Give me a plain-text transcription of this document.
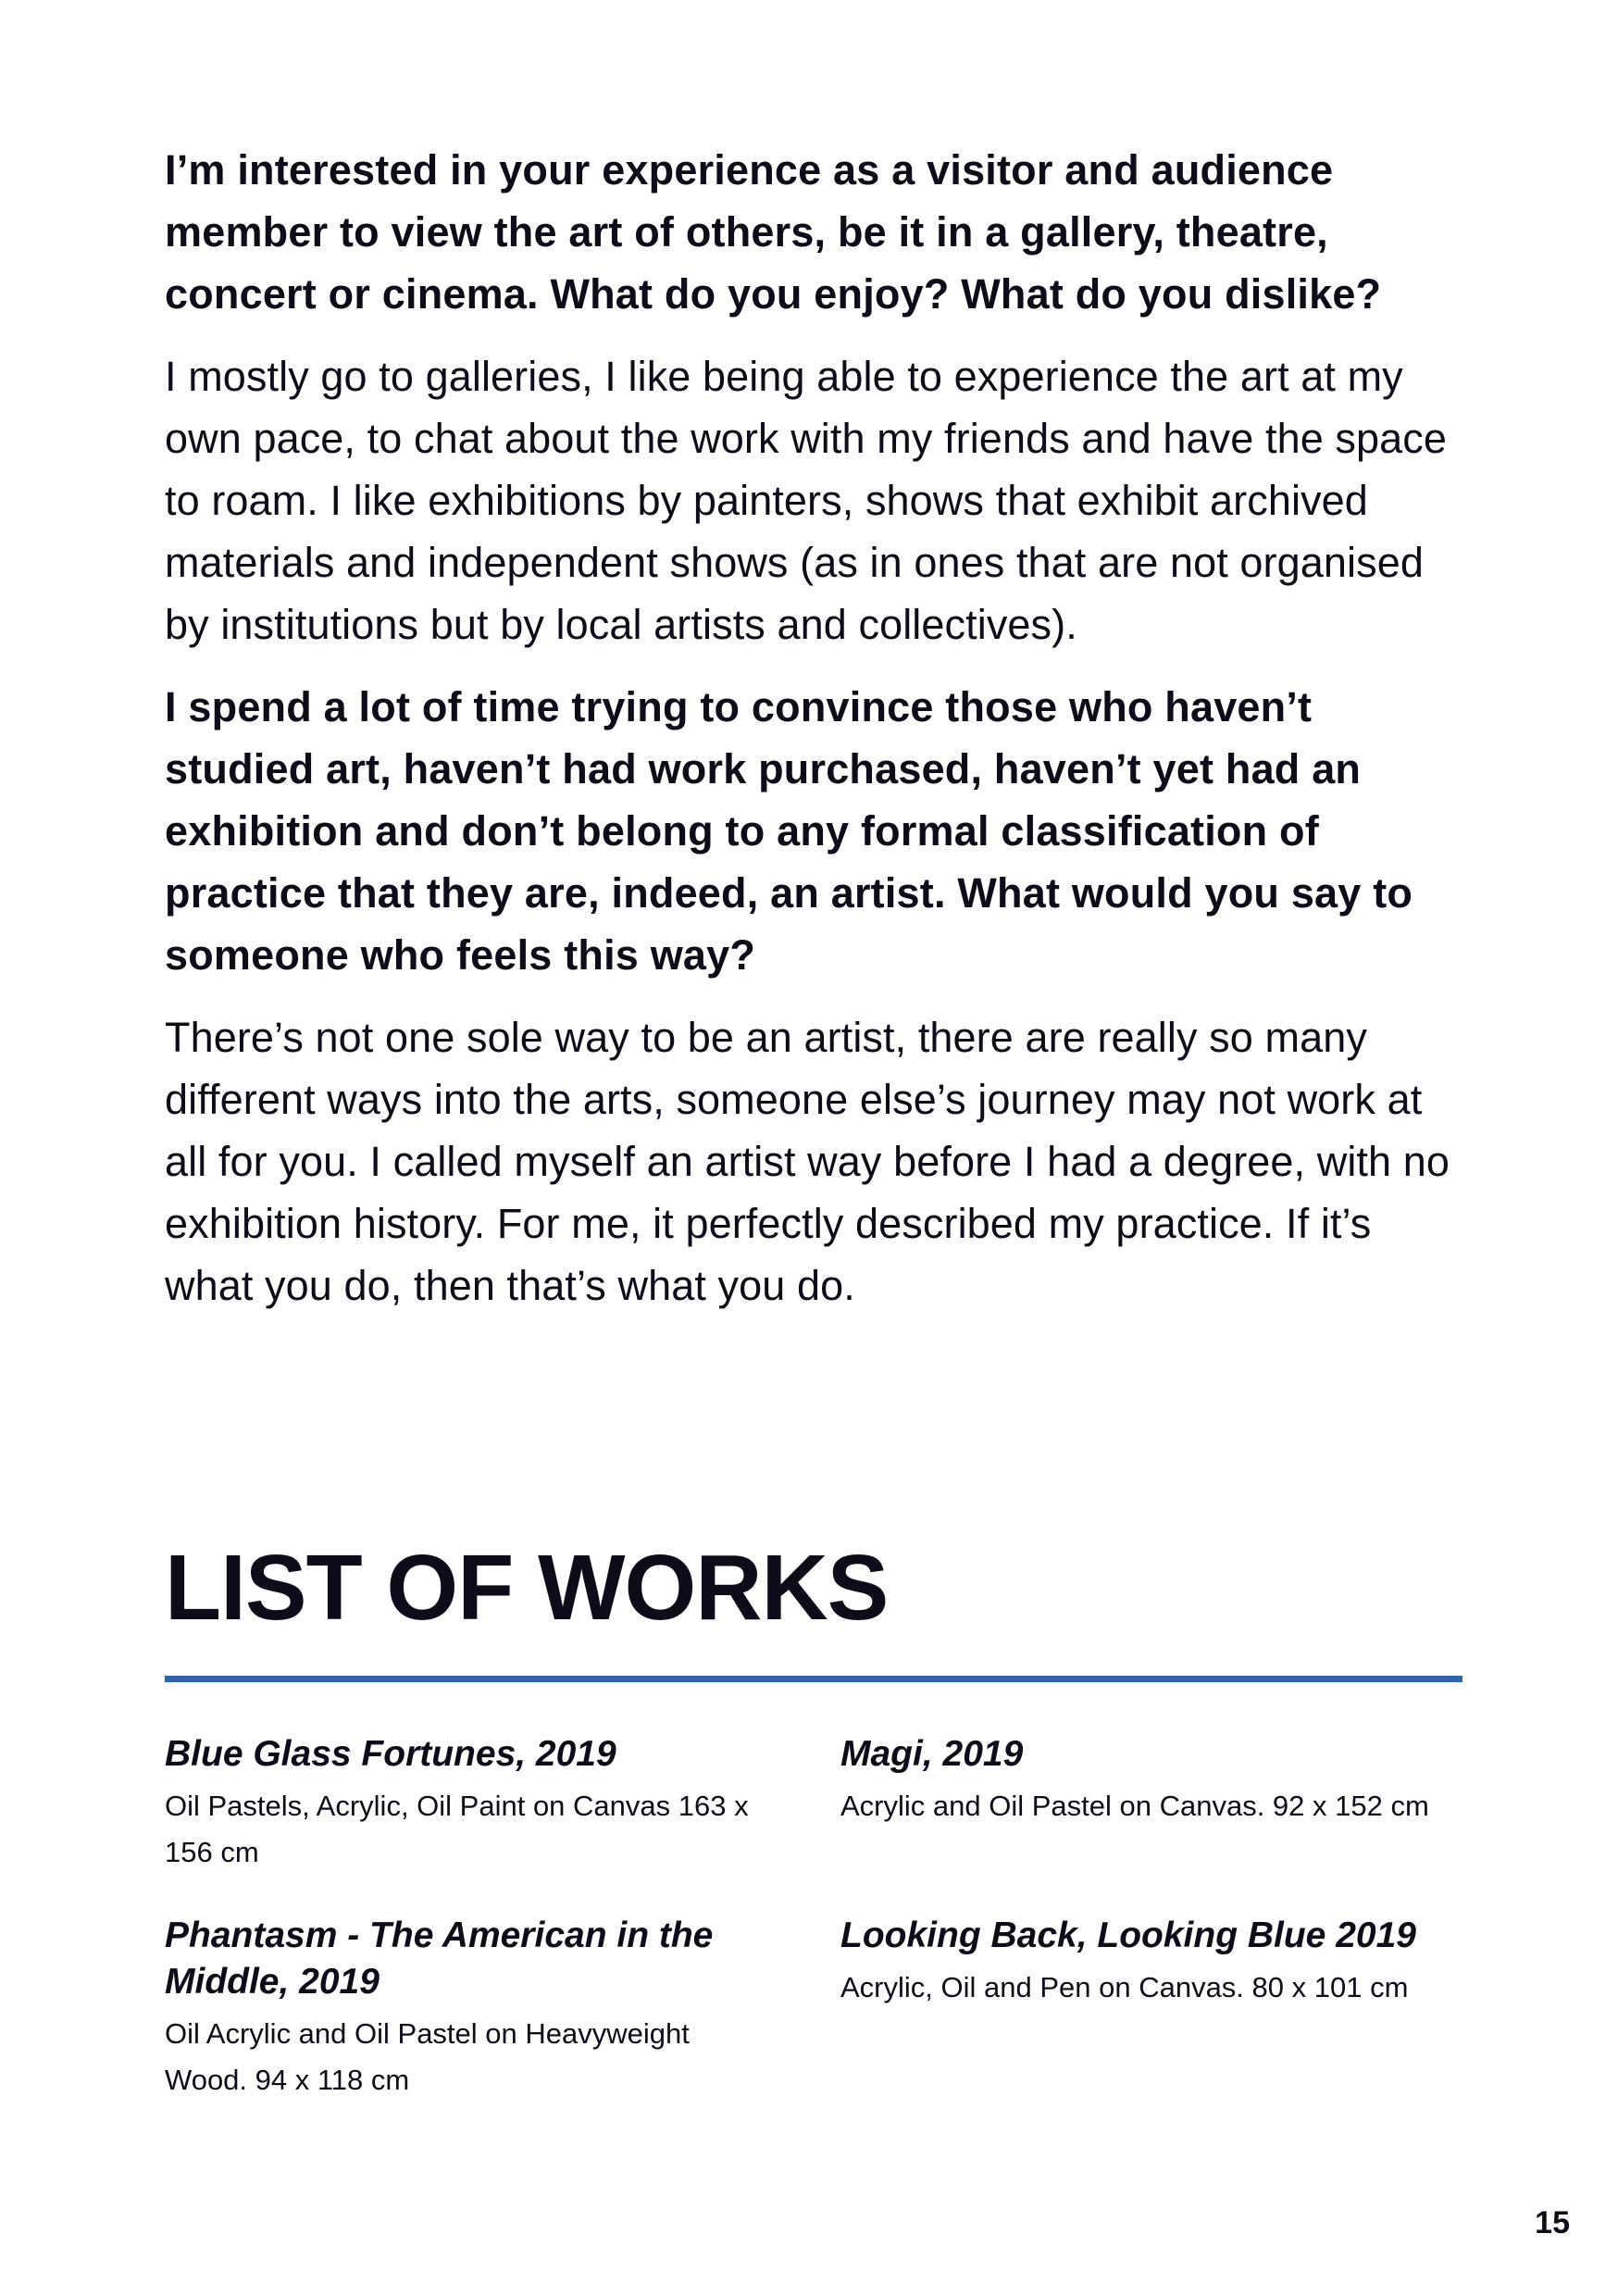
I’m interested in your experience as a visitor and audience member to view the art of others, be it in a gallery, theatre, concert or cinema. What do you enjoy? What do you dislike?

I mostly go to galleries, I like being able to experience the art at my own pace, to chat about the work with my friends and have the space to roam. I like exhibitions by painters, shows that exhibit archived materials and independent shows (as in ones that are not organised by institutions but by local artists and collectives).

I spend a lot of time trying to convince those who haven’t studied art, haven’t had work purchased, haven’t yet had an exhibition and don’t belong to any formal classification of practice that they are, indeed, an artist. What would you say to someone who feels this way?

There’s not one sole way to be an artist, there are really so many different ways into the arts, someone else’s journey may not work at all for you. I called myself an artist way before I had a degree, with no exhibition history. For me, it perfectly described my practice. If it’s what you do, then that’s what you do.

LIST OF WORKS

Blue Glass Fortunes, 2019

Oil Pastels, Acrylic, Oil Paint on Canvas 163 x 156 cm

Magi, 2019

Acrylic and Oil Pastel on Canvas. 92 x 152 cm

Phantasm - The American in the Middle, 2019

Oil Acrylic and Oil Pastel on Heavyweight Wood. 94 x 118 cm

Looking Back, Looking Blue 2019

Acrylic, Oil and Pen on Canvas. 80 x 101 cm

15
